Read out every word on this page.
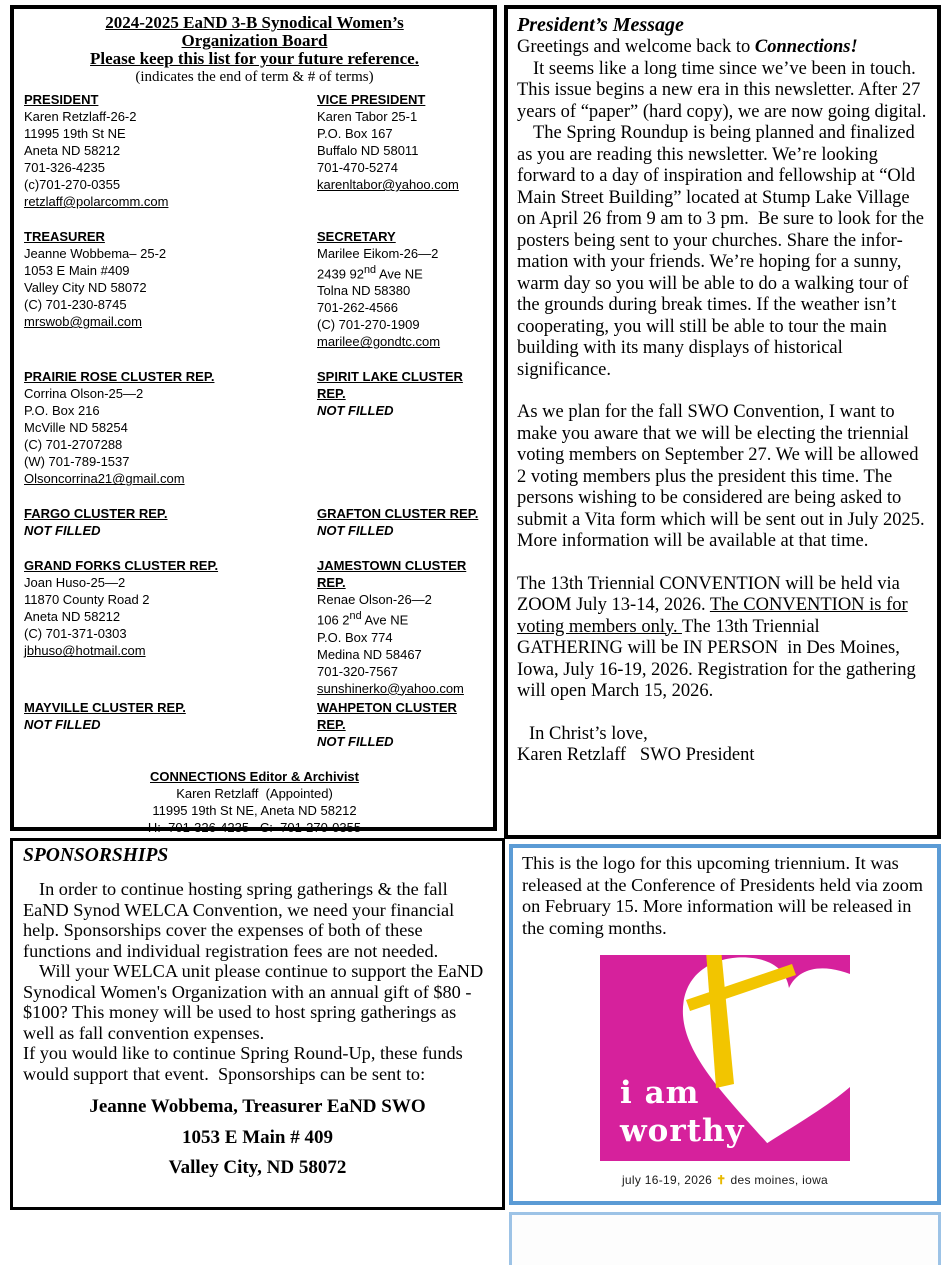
2024-2025 EaND 3-B Synodical Women’s
Organization Board
Please keep this list for your future reference.
(indicates the end of term & # of terms)
PRESIDENT
Karen Retzlaff-26-2
11995 19th St NE
Aneta ND 58212
701-326-4235
(c)701-270-0355
retzlaff@polarcomm.com
VICE PRESIDENT
Karen Tabor 25-1
P.O. Box 167
Buffalo ND 58011
701-470-5274
karenltabor@yahoo.com
TREASURER
Jeanne Wobbema– 25-2
1053 E Main #409
Valley City ND 58072
(C) 701-230-8745
mrswob@gmail.com
SECRETARY
Marilee Eikom-26—2
2439 92nd Ave NE
Tolna ND 58380
701-262-4566
(C) 701-270-1909
marilee@gondtc.com
PRAIRIE ROSE CLUSTER REP.
Corrina Olson-25—2
P.O. Box 216
McVille ND 58254
(C) 701-2707288
(W) 701-789-1537
Olsoncorrina21@gmail.com
SPIRIT LAKE CLUSTER REP.
NOT FILLED
FARGO CLUSTER REP.
NOT FILLED
GRAFTON CLUSTER REP.
NOT FILLED
GRAND FORKS CLUSTER REP.
Joan Huso-25—2
11870 County Road 2
Aneta ND 58212
(C) 701-371-0303
jbhuso@hotmail.com
JAMESTOWN CLUSTER REP.
Renae Olson-26—2
106 2nd Ave NE
P.O. Box 774
Medina ND 58467
701-320-7567
sunshinerko@yahoo.com
MAYVILLE CLUSTER REP.
NOT FILLED
WAHPETON CLUSTER REP.
NOT FILLED
CONNECTIONS Editor & Archivist
Karen Retzlaff  (Appointed)
11995 19th St NE, Aneta ND 58212
H:  701-326-4235   C:  701-270-0355
President’s Message

Greetings and welcome back to Connections!

It seems like a long time since we’ve been in touch. This issue begins a new era in this newsletter. After 27 years of “paper” (hard copy), we are now going digital.

The Spring Roundup is being planned and finalized as you are reading this newsletter. We’re looking forward to a day of inspiration and fellowship at “Old Main Street Building” located at Stump Lake Village on April 26 from 9 am to 3 pm.  Be sure to look for the posters being sent to your churches. Share the information with your friends. We’re hoping for a sunny, warm day so you will be able to do a walking tour of the grounds during break times. If the weather isn’t cooperating, you will still be able to tour the main building with its many displays of historical significance.

As we plan for the fall SWO Convention, I want to make you aware that we will be electing the triennial voting members on September 27. We will be allowed 2 voting members plus the president this time. The persons wishing to be considered are being asked to submit a Vita form which will be sent out in July 2025. More information will be available at that time.

The 13th Triennial CONVENTION will be held via ZOOM July 13-14, 2026. The CONVENTION is for voting members only. The 13th Triennial GATHERING will be IN PERSON  in Des Moines, Iowa, July 16-19, 2026. Registration for the gathering will open March 15, 2026.

In Christ’s love,

Karen Retzlaff   SWO President

SPONSORSHIPS

In order to continue hosting spring gatherings & the fall EaND Synod WELCA Convention, we need your financial help. Sponsorships cover the expenses of both of these functions and individual registration fees are not needed.

Will your WELCA unit please continue to support the EaND Synodical Women's Organization with an annual gift of $80 - $100? This money will be used to host spring gatherings as well as fall convention expenses.

If you would like to continue Spring Round-Up, these funds would support that event.  Sponsorships can be sent to:

Jeanne Wobbema, Treasurer EaND SWO
1053 E Main # 409
Valley City, ND 58072

This is the logo for this upcoming triennium. It was released at the Conference of Presidents held via zoom on February 15. More information will be released in the coming months.

i am
worthy
july 16-19, 2026 ✝ des moines, iowa
